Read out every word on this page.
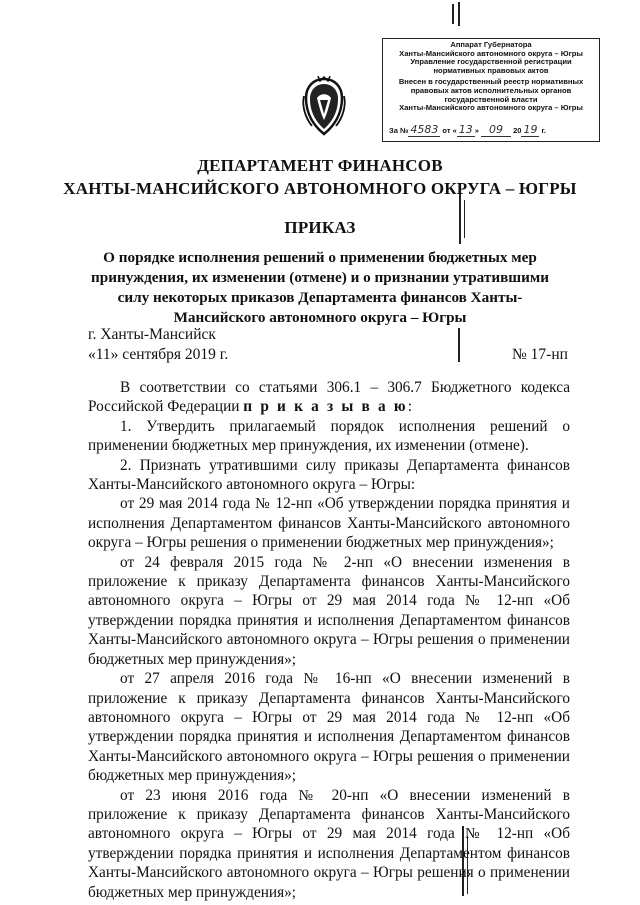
Аппарат Губернатора
Ханты-Мансийского автономного округа – Югры
Управление государственной регистрации
нормативных правовых актов
Внесен в государственный реестр нормативных
правовых актов исполнительных органов
государственной власти
Ханты-Мансийского автономного округа – Югры
За № 4583 от « 13 » 09 20 19 г.
ДЕПАРТАМЕНТ ФИНАНСОВ
ХАНТЫ-МАНСИЙСКОГО АВТОНОМНОГО ОКРУГА – ЮГРЫ
ПРИКАЗ
О порядке исполнения решений о применении бюджетных мер
принуждения, их изменении (отмене) и о признании утратившими
силу некоторых приказов Департамента финансов Ханты-
Мансийского автономного округа – Югры
г. Ханты-Мансийск
«11» сентября 2019 г.	№ 17-нп

В соответствии со статьями 306.1 – 306.7 Бюджетного кодекса Российской Федерации п р и к а з ы в а ю:

1. Утвердить прилагаемый порядок исполнения решений о применении бюджетных мер принуждения, их изменении (отмене).

2. Признать утратившими силу приказы Департамента финансов Ханты-Мансийского автономного округа – Югры:

от 29 мая 2014 года № 12-нп «Об утверждении порядка принятия и исполнения Департаментом финансов Ханты-Мансийского автономного округа – Югры решения о применении бюджетных мер принуждения»;

от 24 февраля 2015 года № 2-нп «О внесении изменения в приложение к приказу Департамента финансов Ханты-Мансийского автономного округа – Югры от 29 мая 2014 года № 12-нп «Об утверждении порядка принятия и исполнения Департаментом финансов Ханты-Мансийского автономного округа – Югры решения о применении бюджетных мер принуждения»;

от 27 апреля 2016 года № 16-нп «О внесении изменений в приложение к приказу Департамента финансов Ханты-Мансийского автономного округа – Югры от 29 мая 2014 года № 12-нп «Об утверждении порядка принятия и исполнения Департаментом финансов Ханты-Мансийского автономного округа – Югры решения о применении бюджетных мер принуждения»;

от 23 июня 2016 года № 20-нп «О внесении изменений в приложение к приказу Департамента финансов Ханты-Мансийского автономного округа – Югры от 29 мая 2014 года № 12-нп «Об утверждении порядка принятия и исполнения Департаментом финансов Ханты-Мансийского автономного округа – Югры решения о применении бюджетных мер принуждения»;
